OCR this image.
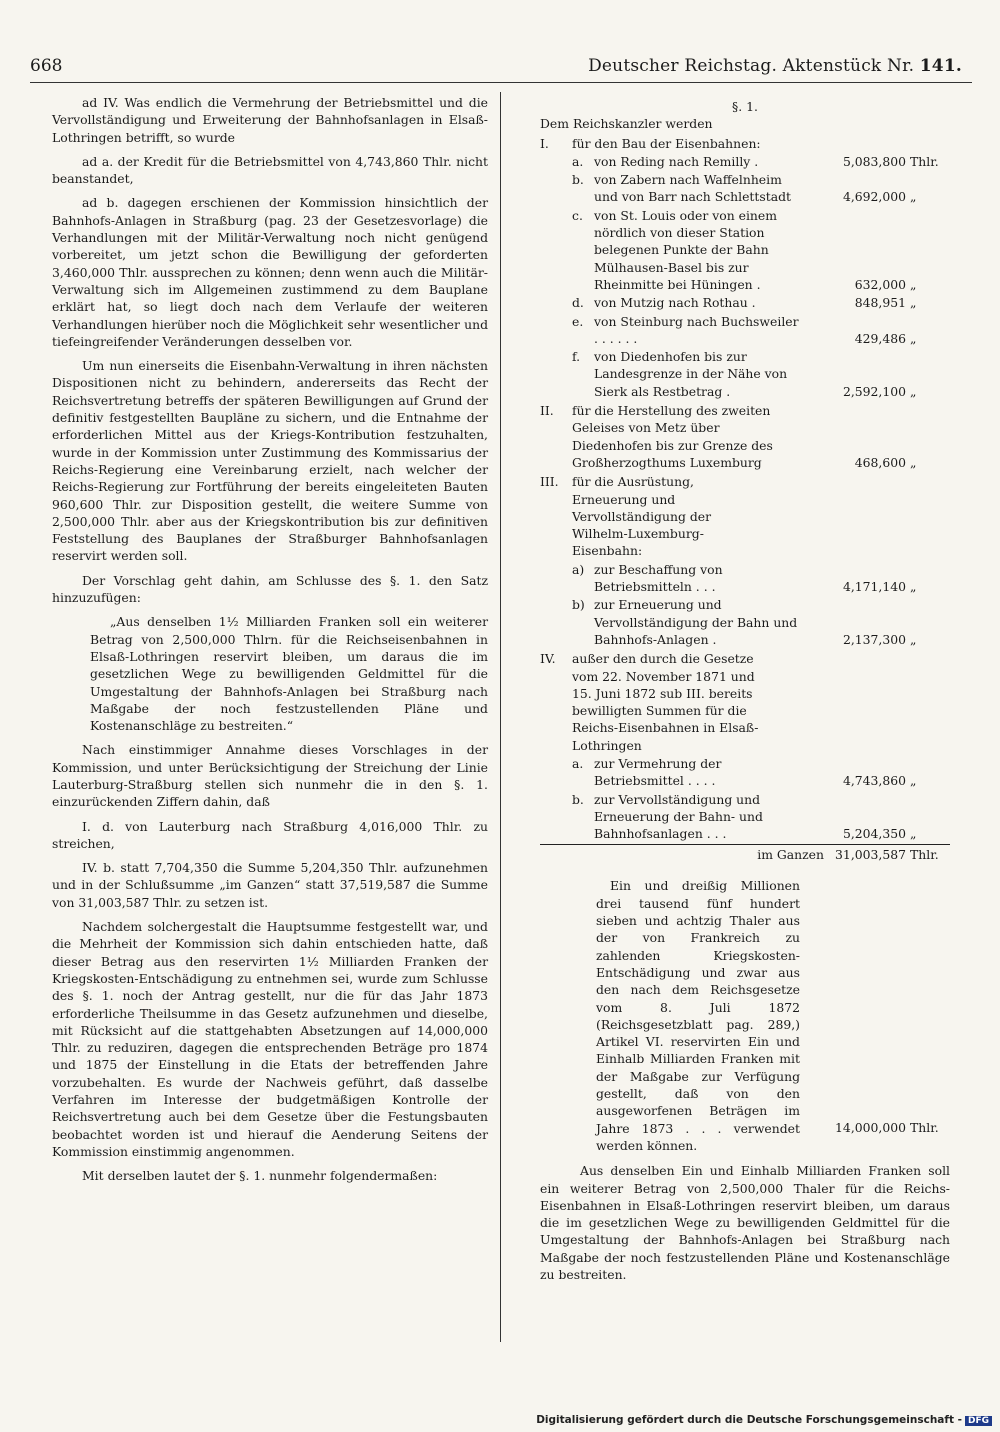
668	Deutscher Reichstag. Aktenstück Nr. 141.

ad IV. Was endlich die Vermehrung der Betriebsmittel und die Vervollständigung und Erweiterung der Bahnhofsanlagen in Elsaß-Lothringen betrifft, so wurde

ad a. der Kredit für die Betriebsmittel von 4,743,860 Thlr. nicht beanstandet,

ad b. dagegen erschienen der Kommission hinsichtlich der Bahnhofs-Anlagen in Straßburg (pag. 23 der Gesetzesvorlage) die Verhandlungen mit der Militär-Verwaltung noch nicht genügend vorbereitet, um jetzt schon die Bewilligung der geforderten 3,460,000 Thlr. aussprechen zu können; denn wenn auch die Militär-Verwaltung sich im Allgemeinen zustimmend zu dem Bauplane erklärt hat, so liegt doch nach dem Verlaufe der weiteren Verhandlungen hierüber noch die Möglichkeit sehr wesentlicher und tiefeingreifender Veränderungen desselben vor.

Um nun einerseits die Eisenbahn-Verwaltung in ihren nächsten Dispositionen nicht zu behindern, andererseits das Recht der Reichsvertretung betreffs der späteren Bewilligungen auf Grund der definitiv festgestellten Baupläne zu sichern, und die Entnahme der erforderlichen Mittel aus der Kriegs-Kontribution festzuhalten, wurde in der Kommission unter Zustimmung des Kommissarius der Reichs-Regierung eine Vereinbarung erzielt, nach welcher der Reichs-Regierung zur Fortführung der bereits eingeleiteten Bauten 960,600 Thlr. zur Disposition gestellt, die weitere Summe von 2,500,000 Thlr. aber aus der Kriegskontribution bis zur definitiven Feststellung des Bauplanes der Straßburger Bahnhofsanlagen reservirt werden soll.

Der Vorschlag geht dahin, am Schlusse des §. 1. den Satz hinzuzufügen:

„Aus denselben 1½ Milliarden Franken soll ein weiterer Betrag von 2,500,000 Thlrn. für die Reichseisenbahnen in Elsaß-Lothringen reservirt bleiben, um daraus die im gesetzlichen Wege zu bewilligenden Geldmittel für die Umgestaltung der Bahnhofs-Anlagen bei Straßburg nach Maßgabe der noch festzustellenden Pläne und Kostenanschläge zu bestreiten.“

Nach einstimmiger Annahme dieses Vorschlages in der Kommission, und unter Berücksichtigung der Streichung der Linie Lauterburg-Straßburg stellen sich nunmehr die in den §. 1. einzurückenden Ziffern dahin, daß

I. d. von Lauterburg nach Straßburg 4,016,000 Thlr. zu streichen,

IV. b. statt 7,704,350 die Summe 5,204,350 Thlr. aufzunehmen und in der Schlußsumme „im Ganzen“ statt 37,519,587 die Summe von 31,003,587 Thlr. zu setzen ist.

Nachdem solchergestalt die Hauptsumme festgestellt war, und die Mehrheit der Kommission sich dahin entschieden hatte, daß dieser Betrag aus den reservirten 1½ Milliarden Franken der Kriegskosten-Entschädigung zu entnehmen sei, wurde zum Schlusse des §. 1. noch der Antrag gestellt, nur die für das Jahr 1873 erforderliche Theilsumme in das Gesetz aufzunehmen und dieselbe, mit Rücksicht auf die stattgehabten Absetzungen auf 14,000,000 Thlr. zu reduziren, dagegen die entsprechenden Beträge pro 1874 und 1875 der Einstellung in die Etats der betreffenden Jahre vorzubehalten. Es wurde der Nachweis geführt, daß dasselbe Verfahren im Interesse der budgetmäßigen Kontrolle der Reichsvertretung auch bei dem Gesetze über die Festungsbauten beobachtet worden ist und hierauf die Aenderung Seitens der Kommission einstimmig angenommen.

Mit derselben lautet der §. 1. nunmehr folgendermaßen:

§. 1.
Dem Reichskanzler werden
I.	für den Bau der Eisenbahnen:
a. von Reding nach Remilly .	5,083,800 Thlr.
b. von Zabern nach Waffelnheim und von Barr nach Schlettstadt	4,692,000 „
c. von St. Louis oder von einem nördlich von dieser Station belegenen Punkte der Bahn Mülhausen-Basel bis zur Rheinmitte bei Hüningen .	632,000 „
d. von Mutzig nach Rothau .	848,951 „
e. von Steinburg nach Buchsweiler . . . . . .	429,486 „
f.	von Diedenhofen bis zur Landesgrenze in der Nähe von Sierk als Restbetrag .	2,592,100 „
II.	für die Herstellung des zweiten Geleises von Metz über Diedenhofen bis zur Grenze des Großherzogthums Luxemburg	468,600 „
III.	für die Ausrüstung, Erneuerung und Vervollständigung der Wilhelm-Luxemburg-Eisenbahn:
a) zur Beschaffung von Betriebsmitteln . . .	4,171,140 „
b) zur Erneuerung und Vervollständigung der Bahn und Bahnhofs-Anlagen .	2,137,300 „
IV.	außer den durch die Gesetze vom 22. November 1871 und 15. Juni 1872 sub III. bereits bewilligten Summen für die Reichs-Eisenbahnen in Elsaß-Lothringen
a. zur Vermehrung der Betriebsmittel . . . .	4,743,860 „
b. zur Vervollständigung und Erneuerung der Bahn- und Bahnhofsanlagen . . .	5,204,350 „
im Ganzen 31,003,587 Thlr.
Ein und dreißig Millionen drei tausend fünf hundert sieben und achtzig Thaler aus der von Frankreich zu zahlenden Kriegskosten-Entschädigung und zwar aus den nach dem Reichsgesetze vom 8. Juli 1872 (Reichsgesetzblatt pag. 289,) Artikel VI. reservirten Ein und Einhalb Milliarden Franken mit der Maßgabe zur Verfügung gestellt, daß von den ausgeworfenen Beträgen im Jahre 1873 . . . verwendet werden können.
14,000,000 Thlr.
Aus denselben Ein und Einhalb Milliarden Franken soll ein weiterer Betrag von 2,500,000 Thaler für die Reichs-Eisenbahnen in Elsaß-Lothringen reservirt bleiben, um daraus die im gesetzlichen Wege zu bewilligenden Geldmittel für die Umgestaltung der Bahnhofs-Anlagen bei Straßburg nach Maßgabe der noch festzustellenden Pläne und Kostenanschläge zu bestreiten.
Digitalisierung gefördert durch die Deutsche Forschungsgemeinschaft - DFG
